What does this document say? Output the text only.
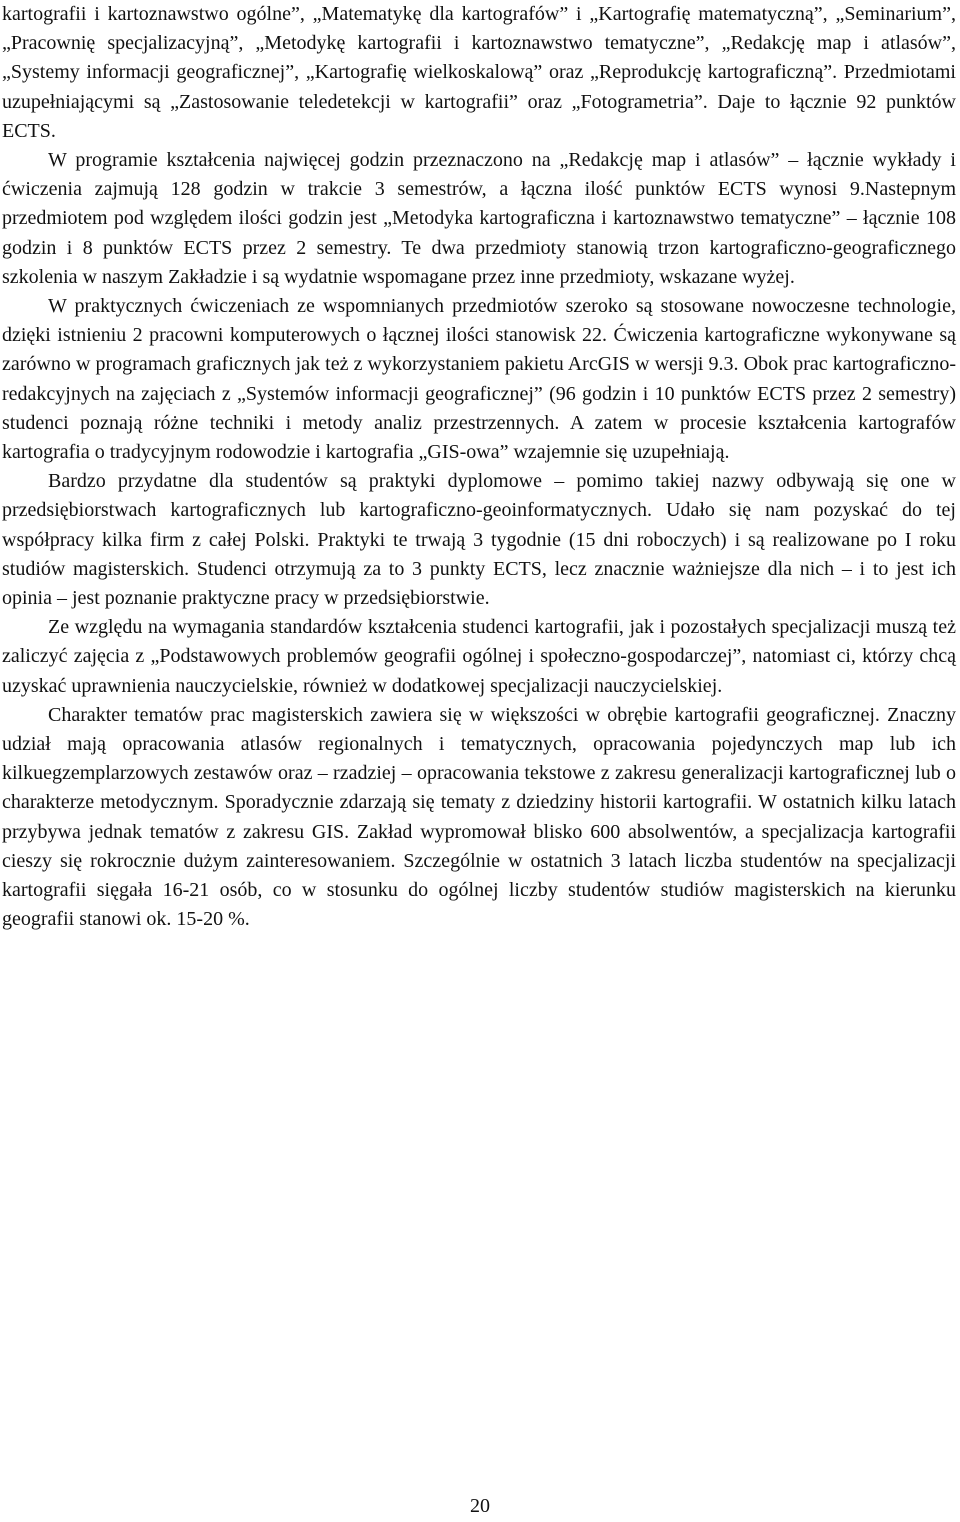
kartografii i kartoznawstwo ogólne”, „Matematykę dla kartografów” i „Kartografię matematyczną”, „Seminarium”, „Pracownię specjalizacyjną”, „Metodykę kartografii i kartoznawstwo tematyczne”, „Redakcję map i atlasów”, „Systemy informacji geograficznej”, „Kartografię wielkoskalową” oraz „Reprodukcję kartograficzną”. Przedmiotami uzupełniającymi są „Zastosowanie teledetekcji w kartografii” oraz „Fotogrametria”. Daje to łącznie 92 punktów ECTS.

W programie kształcenia najwięcej godzin przeznaczono na „Redakcję map i atlasów” – łącznie wykłady i ćwiczenia zajmują 128 godzin w trakcie 3 semestrów, a łączna ilość punktów ECTS wynosi 9.Nastepnym przedmiotem pod względem ilości godzin jest „Metodyka kartograficzna i kartoznawstwo tematyczne” – łącznie 108 godzin i 8 punktów ECTS przez 2 semestry. Te dwa przedmioty stanowią trzon kartograficzno-geograficznego szkolenia w naszym Zakładzie i są wydatnie wspomagane przez inne przedmioty, wskazane wyżej.

W praktycznych ćwiczeniach ze wspomnianych przedmiotów szeroko są stosowane nowoczesne technologie, dzięki istnieniu 2 pracowni komputerowych o łącznej ilości stanowisk 22. Ćwiczenia kartograficzne wykonywane są zarówno w programach graficznych jak też z wykorzystaniem pakietu ArcGIS w wersji 9.3. Obok prac kartograficzno-redakcyjnych na zajęciach z „Systemów informacji geograficznej” (96 godzin i 10 punktów ECTS przez 2 semestry) studenci poznają różne techniki i metody analiz przestrzennych. A zatem w procesie kształcenia kartografów kartografia o tradycyjnym rodowodzie i kartografia „GIS-owa” wzajemnie się uzupełniają.

Bardzo przydatne dla studentów są praktyki dyplomowe – pomimo takiej nazwy odbywają się one w przedsiębiorstwach kartograficznych lub kartograficzno-geoinformatycznych. Udało się nam pozyskać do tej współpracy kilka firm z całej Polski. Praktyki te trwają 3 tygodnie (15 dni roboczych) i są realizowane po I roku studiów magisterskich. Studenci otrzymują za to 3 punkty ECTS, lecz znacznie ważniejsze dla nich – i to jest ich opinia – jest poznanie praktyczne pracy w przedsiębiorstwie.

Ze względu na wymagania standardów kształcenia studenci kartografii, jak i pozostałych specjalizacji muszą też zaliczyć zajęcia z „Podstawowych problemów geografii ogólnej i społeczno-gospodarczej”, natomiast ci, którzy chcą uzyskać uprawnienia nauczycielskie, również w dodatkowej specjalizacji nauczycielskiej.

Charakter tematów prac magisterskich zawiera się w większości w obrębie kartografii geograficznej. Znaczny udział mają opracowania atlasów regionalnych i tematycznych, opracowania pojedynczych map lub ich kilkuegzemplarzowych zestawów oraz – rzadziej – opracowania tekstowe z zakresu generalizacji kartograficznej lub o charakterze metodycznym. Sporadycznie zdarzają się tematy z dziedziny historii kartografii. W ostatnich kilku latach przybywa jednak tematów z zakresu GIS. Zakład wypromował blisko 600 absolwentów, a specjalizacja kartografii cieszy się rokrocznie dużym zainteresowaniem. Szczególnie w ostatnich 3 latach liczba studentów na specjalizacji kartografii sięgała 16-21 osób, co w stosunku do ogólnej liczby studentów studiów magisterskich na kierunku geografii stanowi ok. 15-20 %.

20
